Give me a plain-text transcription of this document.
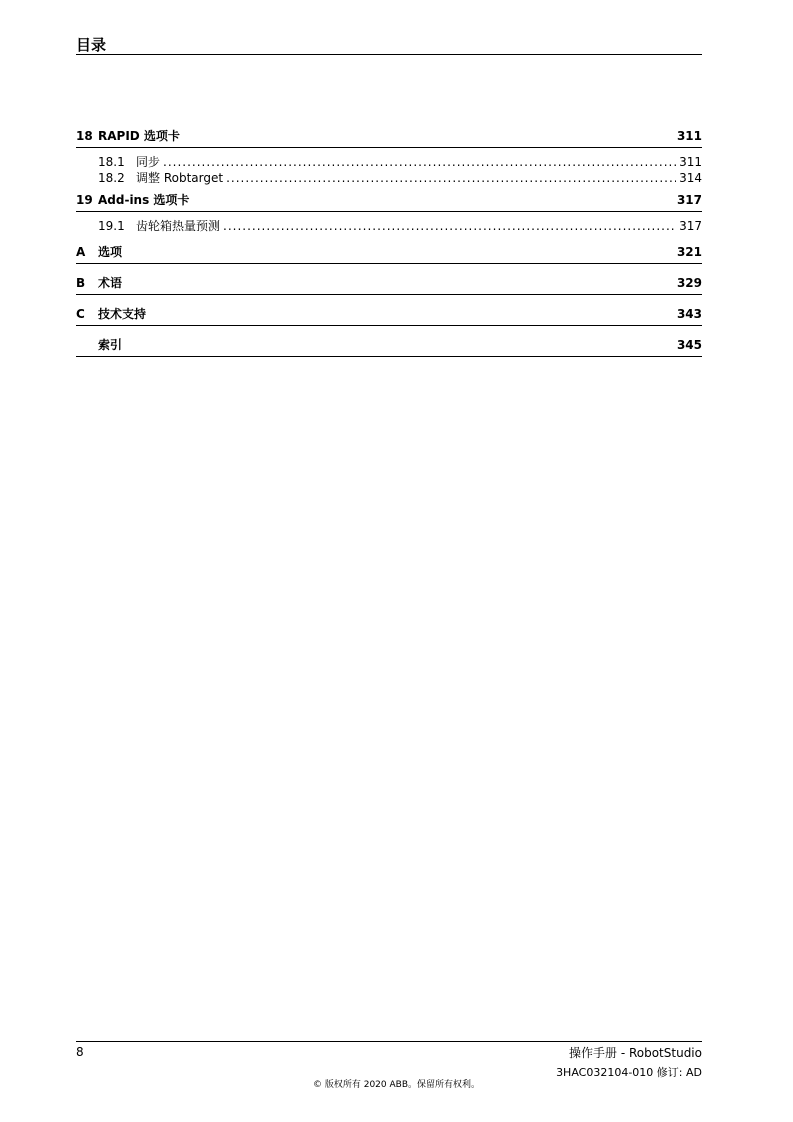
目录
18 RAPID 选项卡	311
18.1 同步 .....	311
18.2 调整 Robtarget .....	314
19 Add-ins 选项卡	317
19.1 齿轮箱热量预测 .....	317
A 选项	321
B 术语	329
C 技术支持	343
索引	345
8	操作手册 - RobotStudio
3HAC032104-010 修订: AD
© 版权所有 2020 ABB。保留所有权利。
